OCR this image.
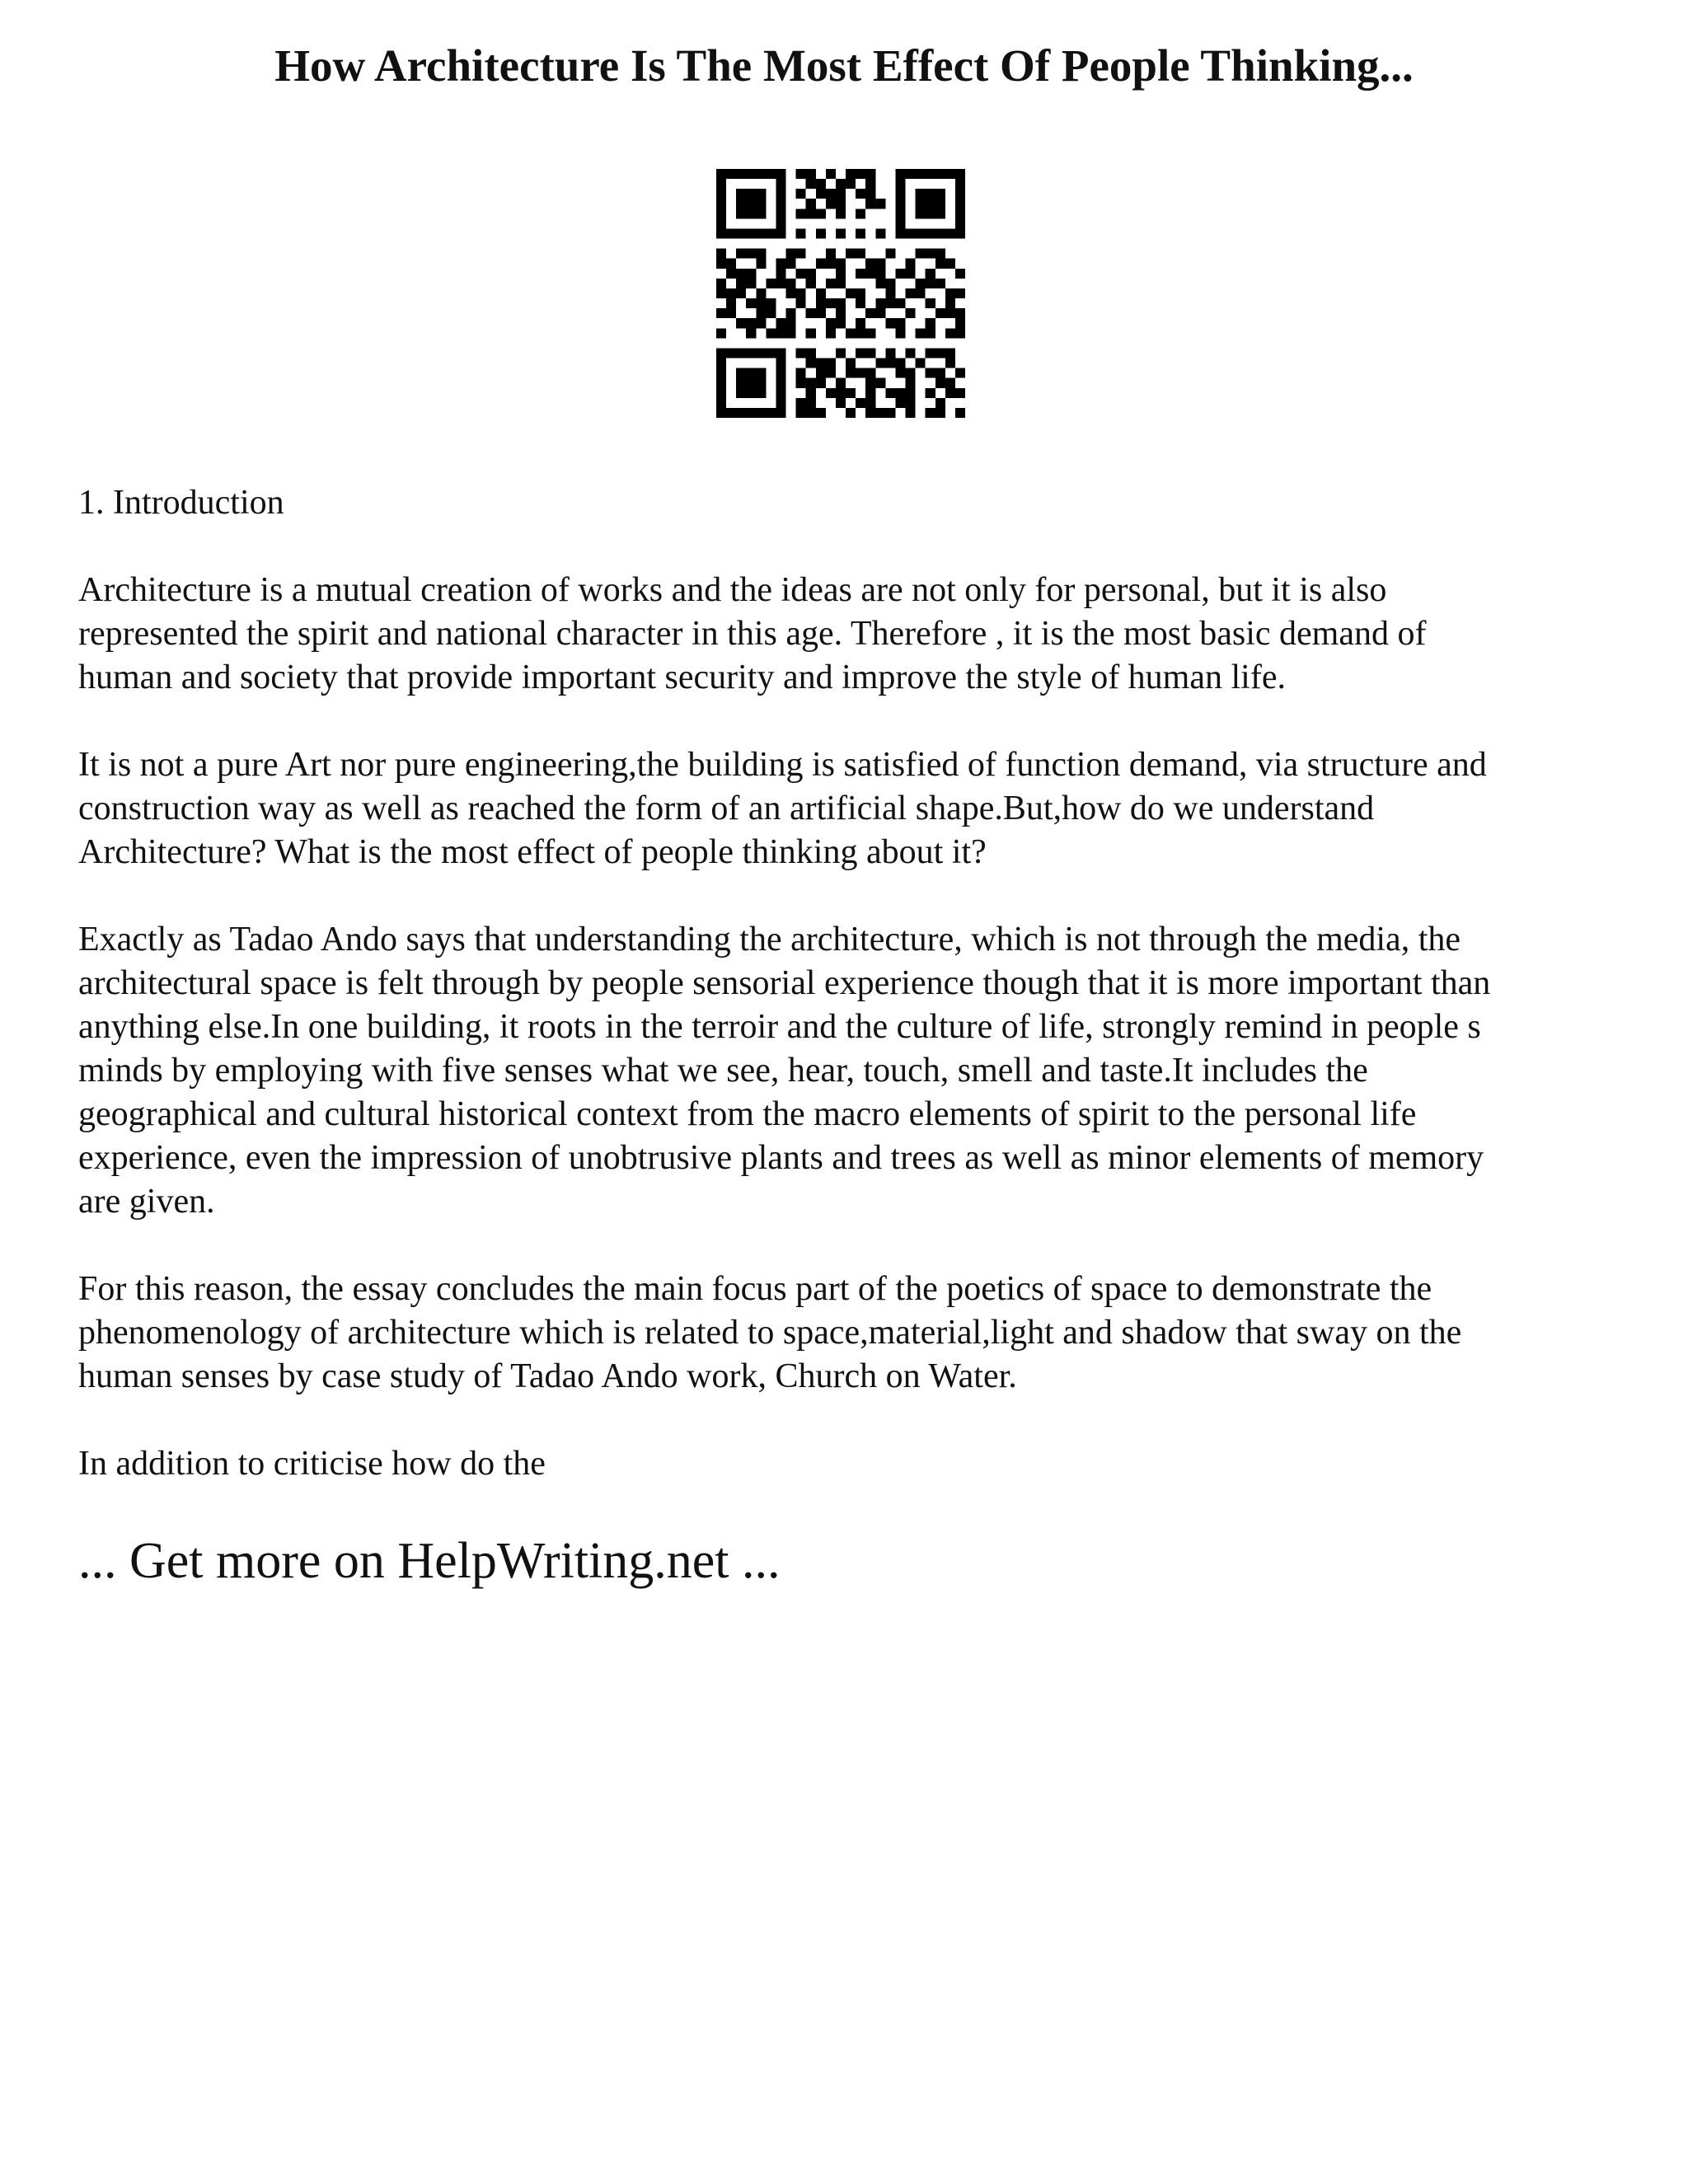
How Architecture Is The Most Effect Of People Thinking...
1. Introduction

Architecture is a mutual creation of works and the ideas are not only for personal, but it is also
represented the spirit and national character in this age. Therefore , it is the most basic demand of
human and society that provide important security and improve the style of human life.

It is not a pure Art nor pure engineering,the building is satisfied of function demand, via structure and
construction way as well as reached the form of an artificial shape.But,how do we understand
Architecture? What is the most effect of people thinking about it?

Exactly as Tadao Ando says that understanding the architecture, which is not through the media, the
architectural space is felt through by people sensorial experience though that it is more important than
anything else.In one building, it roots in the terroir and the culture of life, strongly remind in people s
minds by employing with five senses what we see, hear, touch, smell and taste.It includes the
geographical and cultural historical context from the macro elements of spirit to the personal life
experience, even the impression of unobtrusive plants and trees as well as minor elements of memory
are given.

For this reason, the essay concludes the main focus part of the poetics of space to demonstrate the
phenomenology of architecture which is related to space,material,light and shadow that sway on the
human senses by case study of Tadao Ando work, Church on Water.

In addition to criticise how do the

... Get more on HelpWriting.net ...
